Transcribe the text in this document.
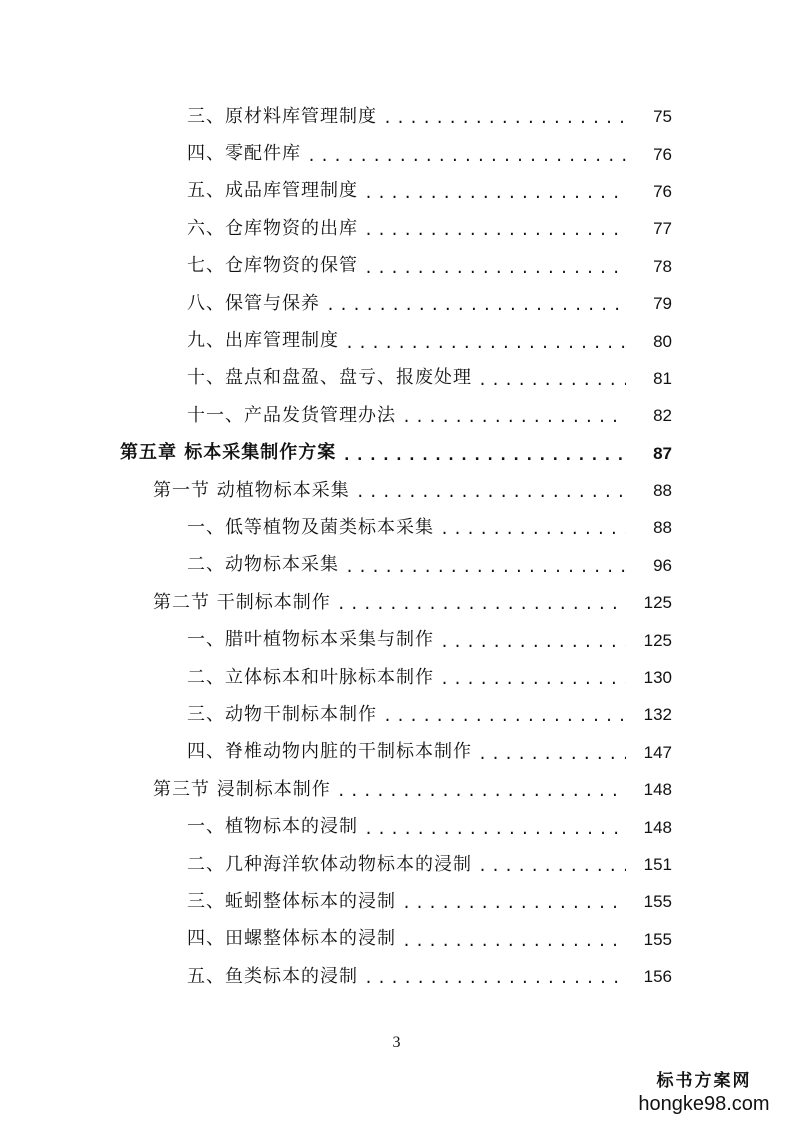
三、原材料库管理制度 .....	75
四、零配件库 .....	76
五、成品库管理制度 .....	76
六、仓库物资的出库 .....	77
七、仓库物资的保管 .....	78
八、保管与保养 .....	79
九、出库管理制度 .....	80
十、盘点和盘盈、盘亏、报废处理 .....	81
十一、产品发货管理办法 .....	82
第五章 标本采集制作方案 .....	87
第一节 动植物标本采集 .....	88
一、低等植物及菌类标本采集 .....	88
二、动物标本采集 .....	96
第二节 干制标本制作 .....	125
一、腊叶植物标本采集与制作 .....	125
二、立体标本和叶脉标本制作 .....	130
三、动物干制标本制作 .....	132
四、脊椎动物内脏的干制标本制作 .....	147
第三节 浸制标本制作 .....	148
一、植物标本的浸制 .....	148
二、几种海洋软体动物标本的浸制 .....	151
三、蚯蚓整体标本的浸制 .....	155
四、田螺整体标本的浸制 .....	155
五、鱼类标本的浸制 .....	156
3
标书方案网
hongke98.com
